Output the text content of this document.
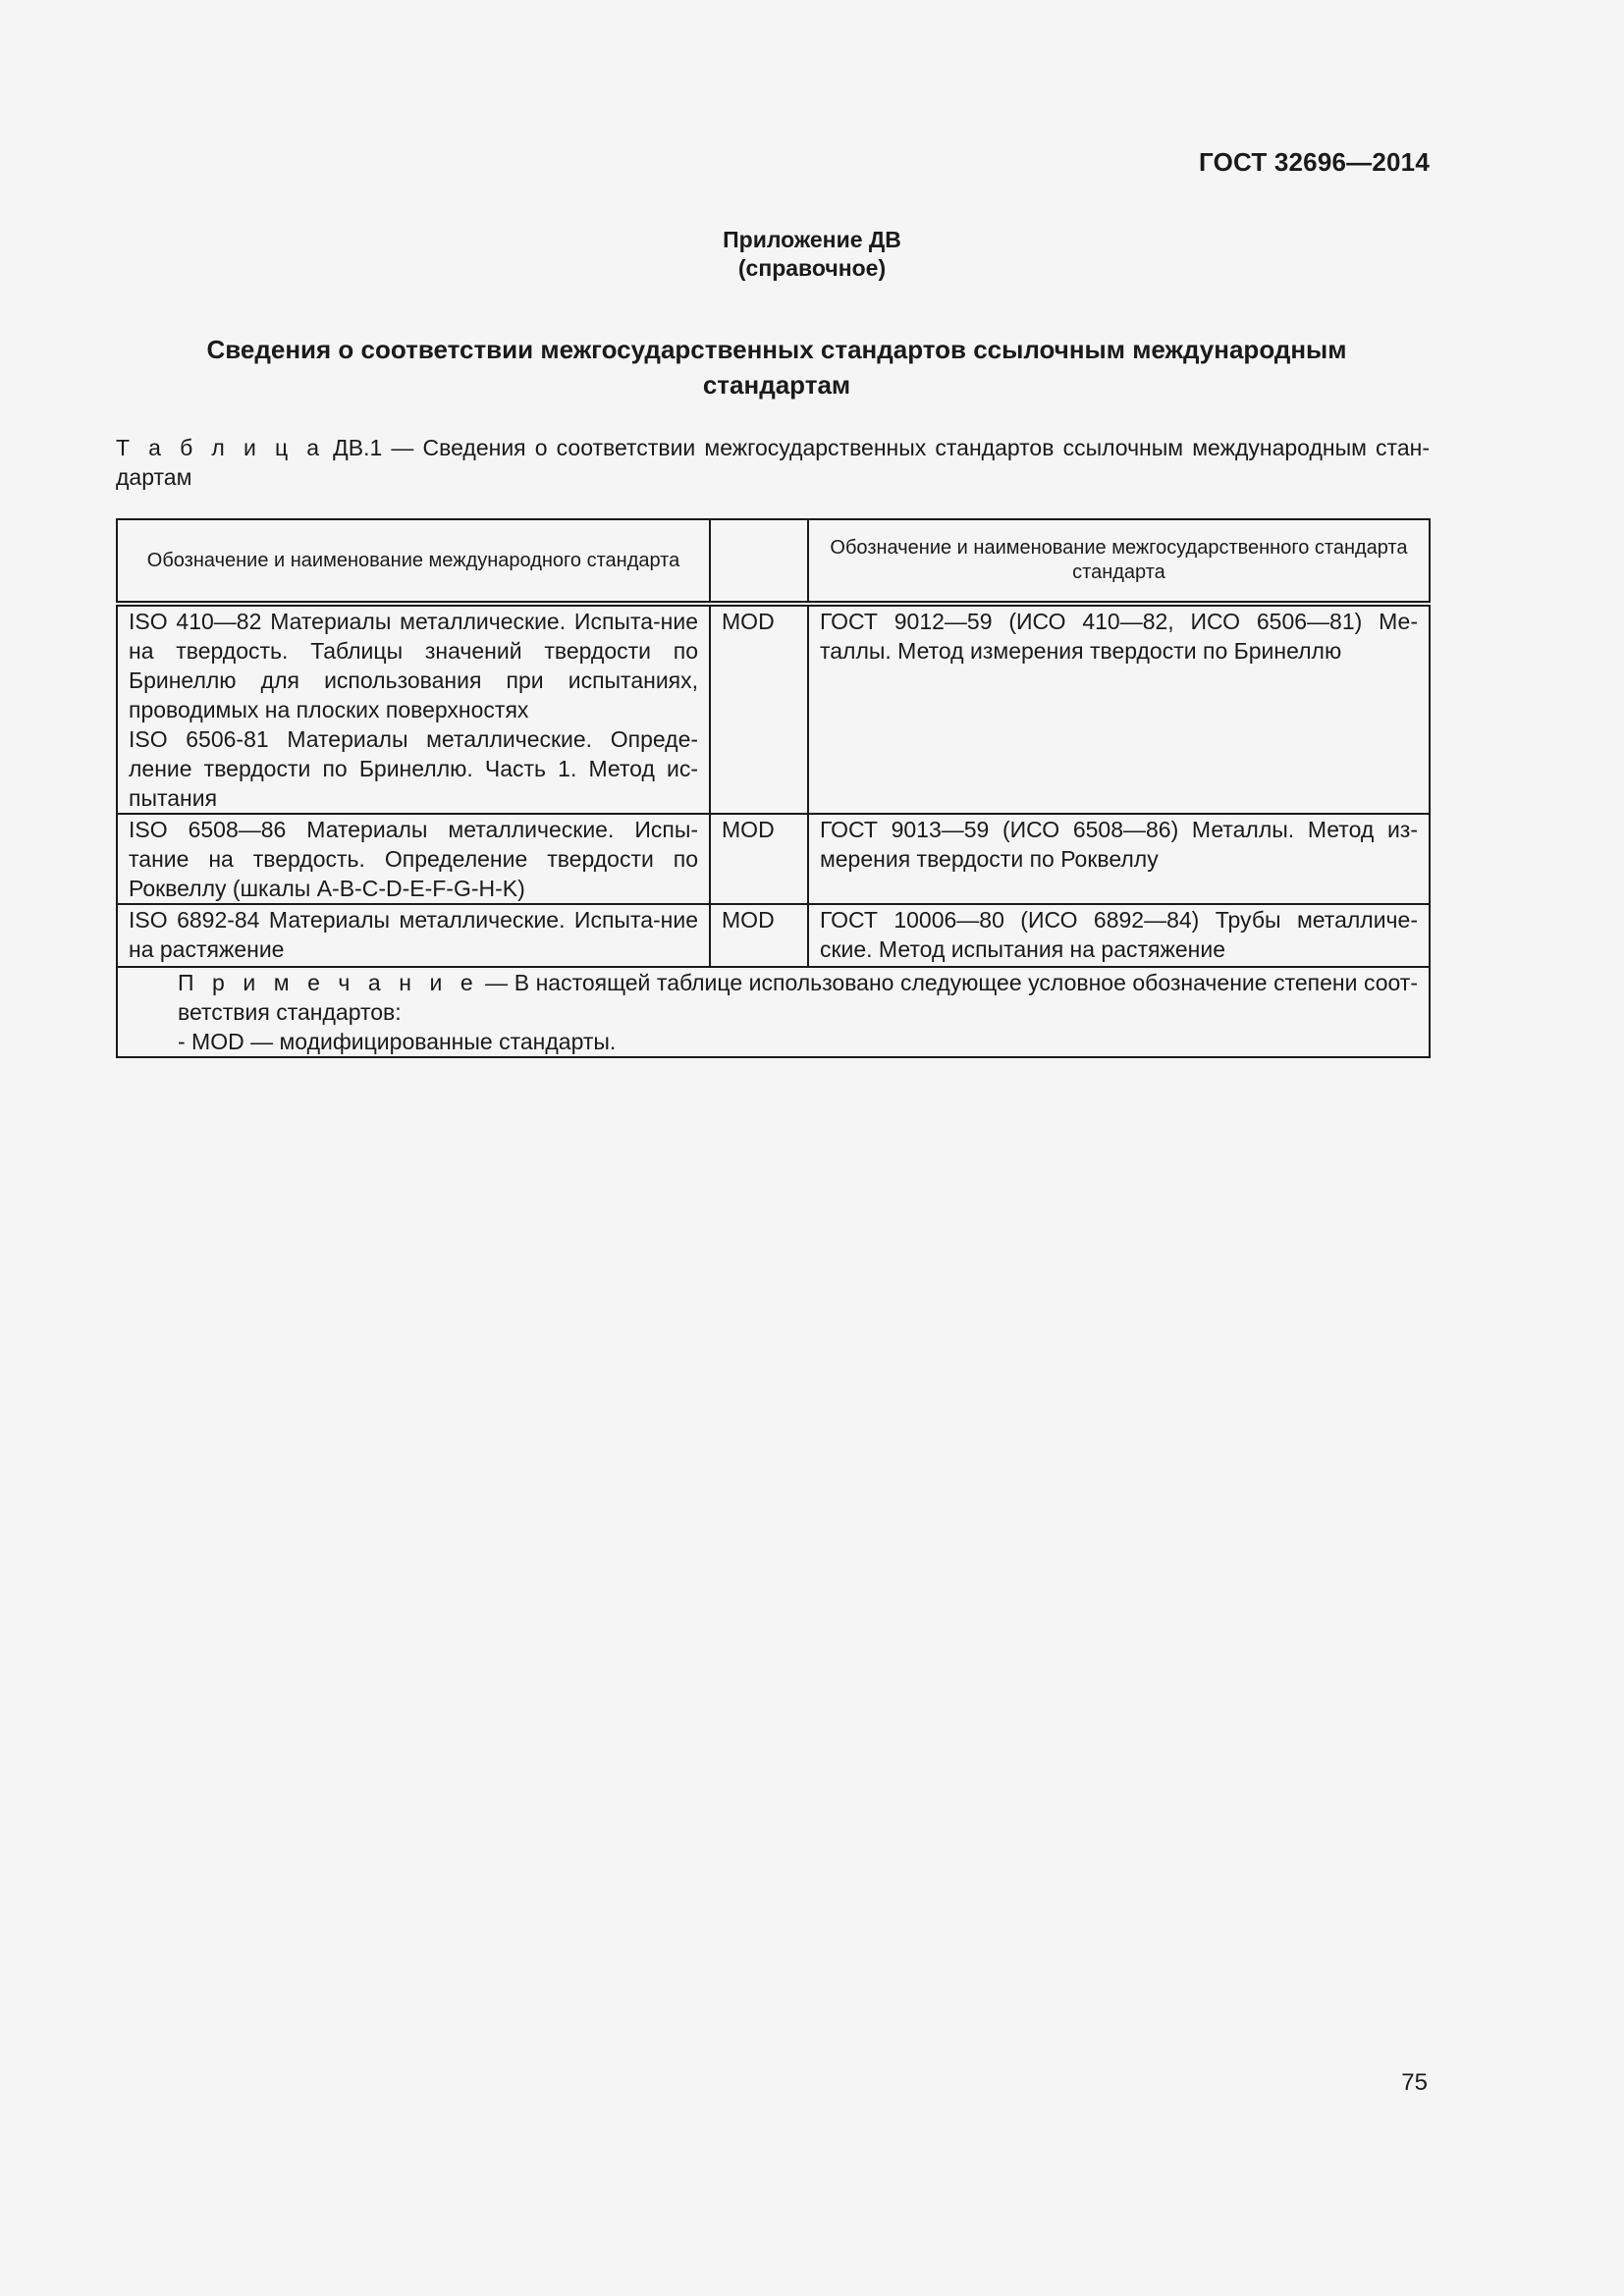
ГОСТ 32696—2014
Приложение ДВ
(справочное)
Сведения о соответствии межгосударственных стандартов ссылочным международным
стандартам
Т а б л и ц а ДВ.1 — Сведения о соответствии межгосударственных стандартов ссылочным международным стан-дартам
Обозначение и наименование международного стандарта		Обозначение и наименование межгосударственного стандарта стандарта

ISO 410—82 Материалы металлические. Испыта-ние на твердость. Таблицы значений твердости по Бринеллю для использования при испытаниях, проводимых на плоских поверхностях
ISO 6506-81 Материалы металлические. Опреде-ление твердости по Бринеллю. Часть 1. Метод ис-пытания	MOD	ГОСТ 9012—59 (ИСО 410—82, ИСО 6506—81) Ме-таллы. Метод измерения твердости по Бринеллю
ISO 6508—86 Материалы металлические. Испы-тание на твердость. Определение твердости по Роквеллу (шкалы A-B-C-D-E-F-G-H-K)	MOD	ГОСТ 9013—59 (ИСО 6508—86) Металлы. Метод из-мерения твердости по Роквеллу
ISO 6892-84 Материалы металлические. Испыта-ние на растяжение	MOD	ГОСТ 10006—80 (ИСО 6892—84) Трубы металличе-ские. Метод испытания на растяжение

П р и м е ч а н и е — В настоящей таблице использовано следующее условное обозначение степени соот-ветствия стандартов:
- MOD — модифицированные стандарты.		
75
